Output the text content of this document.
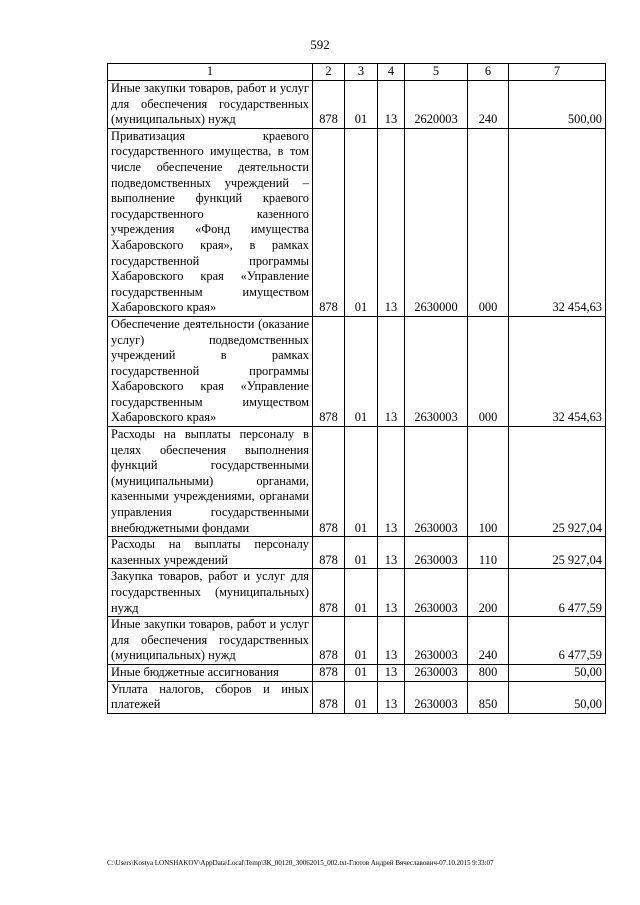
592
1	2	3	4	5	6	7
Иные закупки товаров, работ и услуг для обеспечения государственных (муниципальных) нужд	878	01	13	2620003	240	500,00
Приватизация краевого государственного имущества, в том числе обеспечение деятельности подведомственных учреждений – выполнение функций краевого государственного казенного учреждения «Фонд имущества Хабаровского края», в рамках государственной программы Хабаровского края «Управление государственным имуществом Хабаровского края»	878	01	13	2630000	000	32 454,63
Обеспечение деятельности (оказание услуг) подведомственных учреждений в рамках государственной программы Хабаровского края «Управление государственным имуществом Хабаровского края»	878	01	13	2630003	000	32 454,63
Расходы на выплаты персоналу в целях обеспечения выполнения функций государственными (муниципальными) органами, казенными учреждениями, органами управления государственными внебюджетными фондами	878	01	13	2630003	100	25 927,04
Расходы на выплаты персоналу казенных учреждений	878	01	13	2630003	110	25 927,04
Закупка товаров, работ и услуг для государственных (муниципальных) нужд	878	01	13	2630003	200	6 477,59
Иные закупки товаров, работ и услуг для обеспечения государственных (муниципальных) нужд	878	01	13	2630003	240	6 477,59
Иные бюджетные ассигнования	878	01	13	2630003	800	50,00
Уплата налогов, сборов и иных платежей	878	01	13	2630003	850	50,00
C:\Users\Kostya LONSHAKOV\AppData\Local\Temp\ЗК_00120_30062015_002.txt-Глотов Андрей Вячеславович-07.10.2015 9:33:07
